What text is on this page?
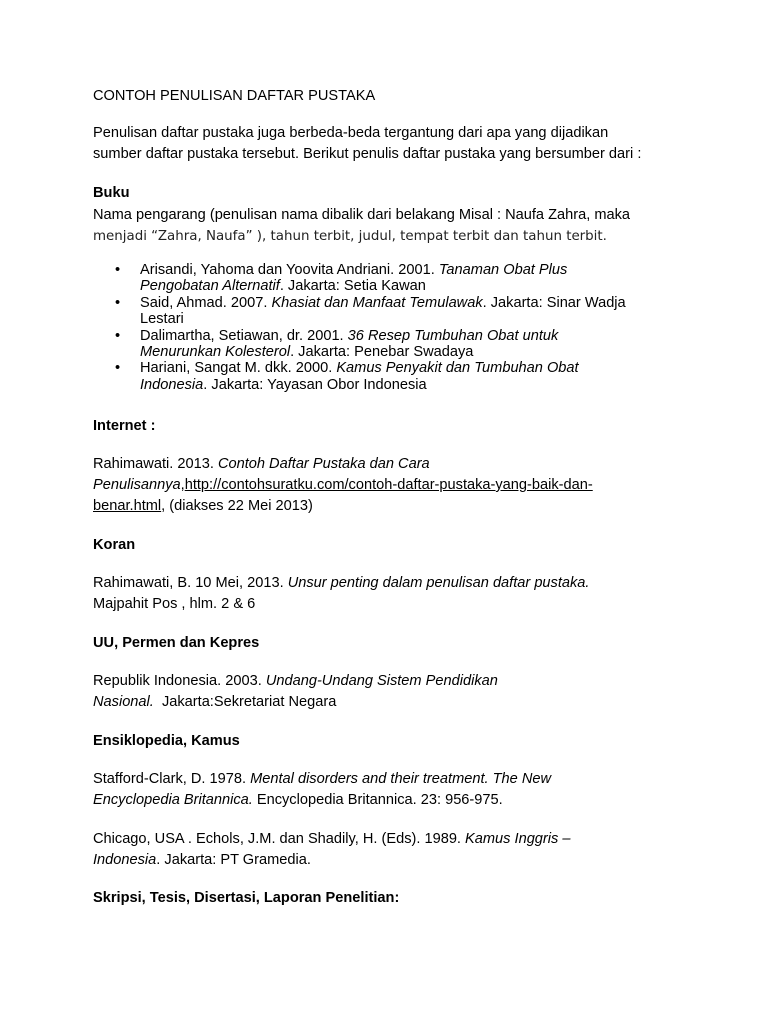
CONTOH PENULISAN DAFTAR PUSTAKA

Penulisan daftar pustaka juga berbeda-beda tergantung dari apa yang dijadikan
sumber daftar pustaka tersebut. Berikut penulis daftar pustaka yang bersumber dari :

Buku

Nama pengarang (penulisan nama dibalik dari belakang Misal : Naufa Zahra, maka
menjadi “Zahra, Naufa” ), tahun terbit, judul, tempat terbit dan tahun terbit.

• Arisandi, Yahoma dan Yoovita Andriani. 2001. Tanaman Obat Plus
Pengobatan Alternatif. Jakarta: Setia Kawan
• Said, Ahmad. 2007. Khasiat dan Manfaat Temulawak. Jakarta: Sinar Wadja
Lestari
• Dalimartha, Setiawan, dr. 2001. 36 Resep Tumbuhan Obat untuk
Menurunkan Kolesterol. Jakarta: Penebar Swadaya
• Hariani, Sangat M. dkk. 2000. Kamus Penyakit dan Tumbuhan Obat
Indonesia. Jakarta: Yayasan Obor Indonesia

Internet :

Rahimawati. 2013. Contoh Daftar Pustaka dan Cara
Penulisannya,http://contohsuratku.com/contoh-daftar-pustaka-yang-baik-dan-
benar.html, (diakses 22 Mei 2013)

Koran

Rahimawati, B. 10 Mei, 2013. Unsur penting dalam penulisan daftar pustaka.
Majpahit Pos , hlm. 2 & 6

UU, Permen dan Kepres

Republik Indonesia. 2003. Undang-Undang Sistem Pendidikan
Nasional.  Jakarta:Sekretariat Negara

Ensiklopedia, Kamus

Stafford-Clark, D. 1978. Mental disorders and their treatment. The New
Encyclopedia Britannica. Encyclopedia Britannica. 23: 956-975.

Chicago, USA . Echols, J.M. dan Shadily, H. (Eds). 1989. Kamus Inggris –
Indonesia. Jakarta: PT Gramedia.

Skripsi, Tesis, Disertasi, Laporan Penelitian:
